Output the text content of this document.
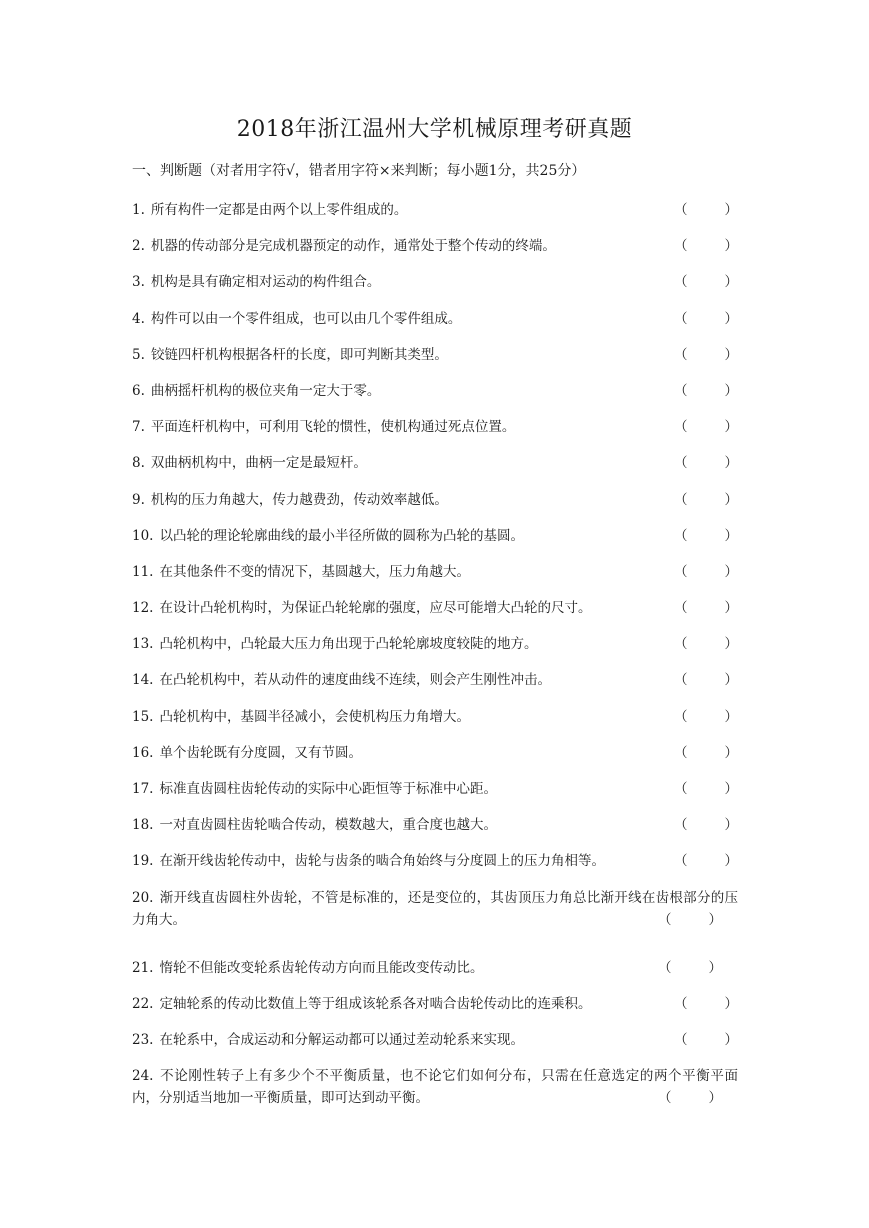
2018年浙江温州大学机械原理考研真题
一、判断题（对者用字符√，错者用字符×来判断；每小题1分，共25分）
1. 所有构件一定都是由两个以上零件组成的。	（	）
2. 机器的传动部分是完成机器预定的动作，通常处于整个传动的终端。	（	）
3. 机构是具有确定相对运动的构件组合。	（	）
4. 构件可以由一个零件组成，也可以由几个零件组成。	（	）
5. 铰链四杆机构根据各杆的长度，即可判断其类型。	（	）
6. 曲柄摇杆机构的极位夹角一定大于零。	（	）
7. 平面连杆机构中，可利用飞轮的惯性，使机构通过死点位置。	（	）
8. 双曲柄机构中，曲柄一定是最短杆。	（	）
9. 机构的压力角越大，传力越费劲，传动效率越低。	（	）
10. 以凸轮的理论轮廓曲线的最小半径所做的圆称为凸轮的基圆。	（	）
11. 在其他条件不变的情况下，基圆越大，压力角越大。	（	）
12. 在设计凸轮机构时，为保证凸轮轮廓的强度，应尽可能增大凸轮的尺寸。	（	）
13. 凸轮机构中，凸轮最大压力角出现于凸轮轮廓坡度较陡的地方。	（	）
14. 在凸轮机构中，若从动件的速度曲线不连续，则会产生刚性冲击。	（	）
15. 凸轮机构中，基圆半径减小，会使机构压力角增大。	（	）
16. 单个齿轮既有分度圆，又有节圆。	（	）
17. 标准直齿圆柱齿轮传动的实际中心距恒等于标准中心距。	（	）
18. 一对直齿圆柱齿轮啮合传动，模数越大，重合度也越大。	（	）
19. 在渐开线齿轮传动中，齿轮与齿条的啮合角始终与分度圆上的压力角相等。	（	）
20. 渐开线直齿圆柱外齿轮，不管是标准的，还是变位的，其齿顶压力角总比渐开线在齿根部分的压力角大。	（	）
21. 惰轮不但能改变轮系齿轮传动方向而且能改变传动比。	（	）
22. 定轴轮系的传动比数值上等于组成该轮系各对啮合齿轮传动比的连乘积。	（	）
23. 在轮系中，合成运动和分解运动都可以通过差动轮系来实现。	（	）
24. 不论刚性转子上有多少个不平衡质量，也不论它们如何分布，只需在任意选定的两个平衡平面内，分别适当地加一平衡质量，即可达到动平衡。	（	）
